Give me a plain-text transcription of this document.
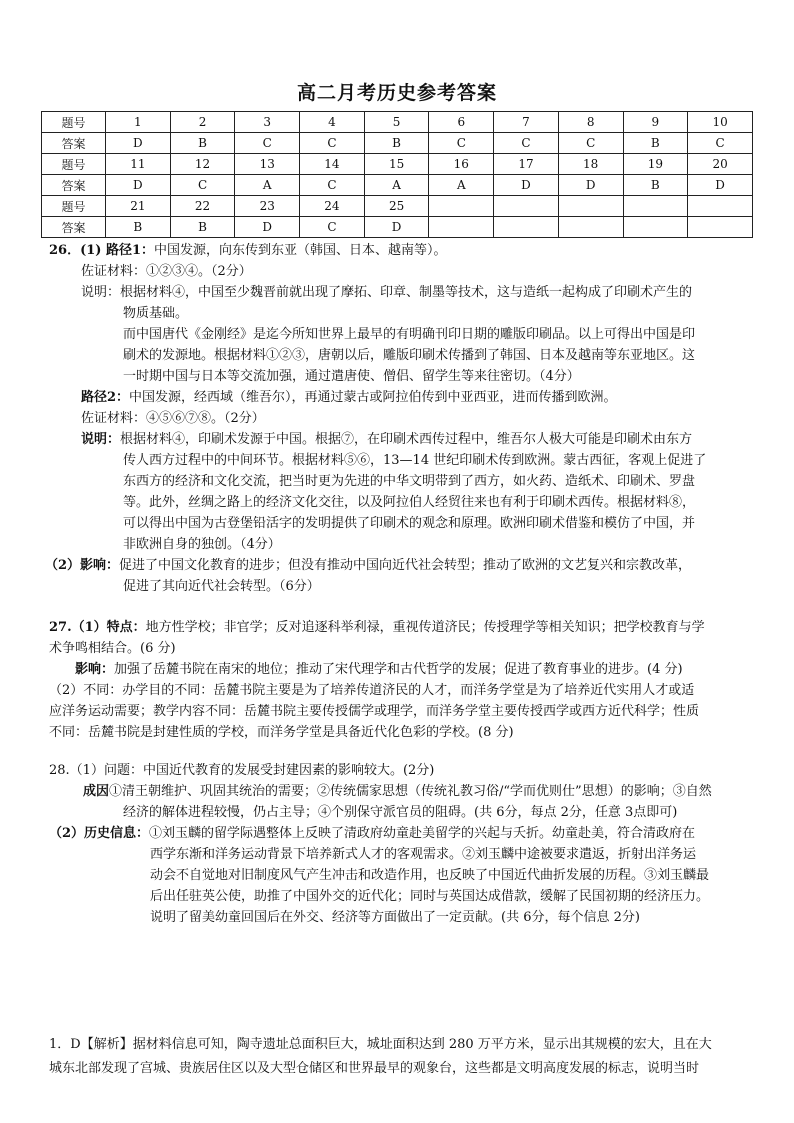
高二月考历史参考答案
题号	1	2	3	4	5	6	7	8	9	10
答案	D	B	C	C	B	C	C	C	B	C
题号	11	12	13	14	15	16	17	18	19	20
答案	D	C	A	C	A	A	D	D	B	D
题号	21	22	23	24	25					
答案	B	B	D	C	D					
26．(1) 路径1：中国发源，向东传到东亚（韩国、日本、越南等）。
佐证材料：①②③④。（2分）
说明：根据材料④，中国至少魏晋前就出现了摩拓、印章、制墨等技术，这与造纸一起构成了印刷术产生的
物质基础。
而中国唐代《金刚经》是迄今所知世界上最早的有明确刊印日期的雕版印刷品。以上可得出中国是印
刷术的发源地。根据材料①②③，唐朝以后，雕版印刷术传播到了韩国、日本及越南等东亚地区。这
一时期中国与日本等交流加强，通过遣唐使、僧侣、留学生等来往密切。（4分）
路径2：中国发源，经西域（维吾尔），再通过蒙古或阿拉伯传到中亚西亚，进而传播到欧洲。
佐证材料：④⑤⑥⑦⑧。（2分）
说明：根据材料④，印刷术发源于中国。根据⑦，在印刷术西传过程中，维吾尔人极大可能是印刷术由东方
传人西方过程中的中间环节。根据材料⑤⑥，13—14 世纪印刷术传到欧洲。蒙古西征，客观上促进了
东西方的经济和文化交流，把当时更为先进的中华文明带到了西方，如火药、造纸术、印刷术、罗盘
等。此外，丝绸之路上的经济文化交往，以及阿拉伯人经贸往来也有利于印刷术西传。根据材料⑧，
可以得出中国为古登堡铅活字的发明提供了印刷术的观念和原理。欧洲印刷术借鉴和模仿了中国，并
非欧洲自身的独创。（4分）
（2）影响：促进了中国文化教育的进步；但没有推动中国向近代社会转型；推动了欧洲的文艺复兴和宗教改革，
促进了其向近代社会转型。（6分）
27.（1）特点：地方性学校；非官学；反对追逐科举利禄，重视传道济民；传授理学等相关知识；把学校教育与学
术争鸣相结合。(6 分)
影响：加强了岳麓书院在南宋的地位；推动了宋代理学和古代哲学的发展；促进了教育事业的进步。(4 分)
（2）不同：办学目的不同：岳麓书院主要是为了培养传道济民的人才，而洋务学堂是为了培养近代实用人才或适
应洋务运动需要；教学内容不同：岳麓书院主要传授儒学或理学，而洋务学堂主要传授西学或西方近代科学；性质
不同：岳麓书院是封建性质的学校，而洋务学堂是具备近代化色彩的学校。(8 分)
28.（1）问题：中国近代教育的发展受封建因素的影响较大。(2分)
成因①清王朝维护、巩固其统治的需要；②传统儒家思想（传统礼教习俗/“学而优则仕”思想）的影响；③自然
经济的解体进程较慢，仍占主导；④个别保守派官员的阻碍。(共 6分，每点 2分，任意 3点即可)
（2）历史信息：①刘玉麟的留学际遇整体上反映了清政府幼童赴美留学的兴起与夭折。幼童赴美，符合清政府在
西学东渐和洋务运动背景下培养新式人才的客观需求。②刘玉麟中途被要求遣返，折射出洋务运
动会不自觉地对旧制度风气产生冲击和改造作用，也反映了中国近代曲折发展的历程。③刘玉麟最
后出任驻英公使，助推了中国外交的近代化；同时与英国达成借款，缓解了民国初期的经济压力。
说明了留美幼童回国后在外交、经济等方面做出了一定贡献。(共 6分，每个信息 2分)
1．D【解析】据材料信息可知，陶寺遗址总面积巨大，城址面积达到 280 万平方米，显示出其规模的宏大，且在大
城东北部发现了宫城、贵族居住区以及大型仓储区和世界最早的观象台，这些都是文明高度发展的标志，说明当时
